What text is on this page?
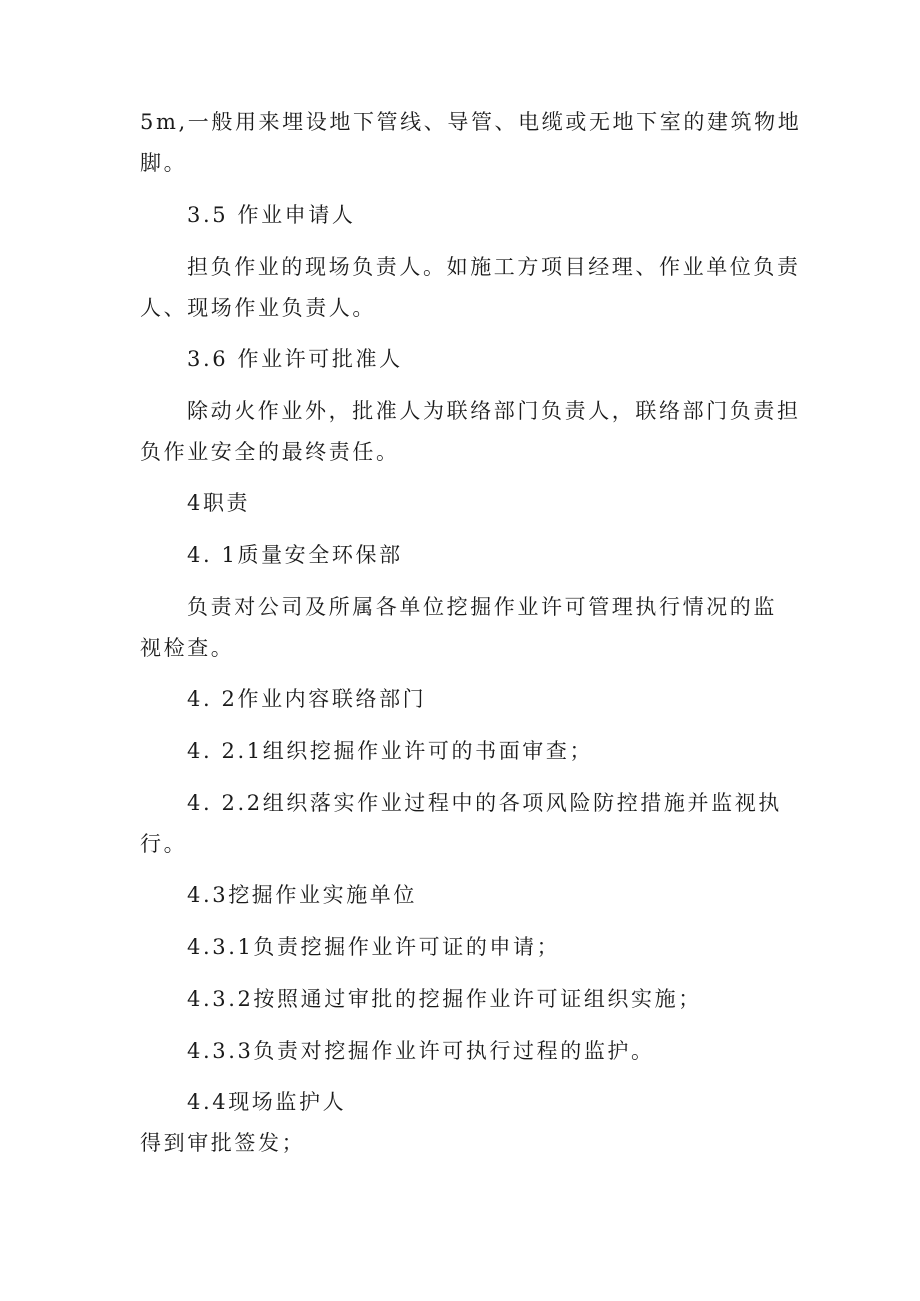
5m,一般用来埋设地下管线、导管、电缆或无地下室的建筑物地
脚。
3.5 作业申请人
担负作业的现场负责人。如施工方项目经理、作业单位负责
人、现场作业负责人。
3.6 作业许可批准人
除动火作业外，批准人为联络部门负责人，联络部门负责担
负作业安全的最终责任。
4职责
4. 1质量安全环保部
负责对公司及所属各单位挖掘作业许可管理执行情况的监
视检查。
4. 2作业内容联络部门
4. 2.1组织挖掘作业许可的书面审查；
4. 2.2组织落实作业过程中的各项风险防控措施并监视执
行。
4.3挖掘作业实施单位
4.3.1负责挖掘作业许可证的申请；
4.3.2按照通过审批的挖掘作业许可证组织实施；
4.3.3负责对挖掘作业许可执行过程的监护。
4.4现场监护人
得到审批签发；
